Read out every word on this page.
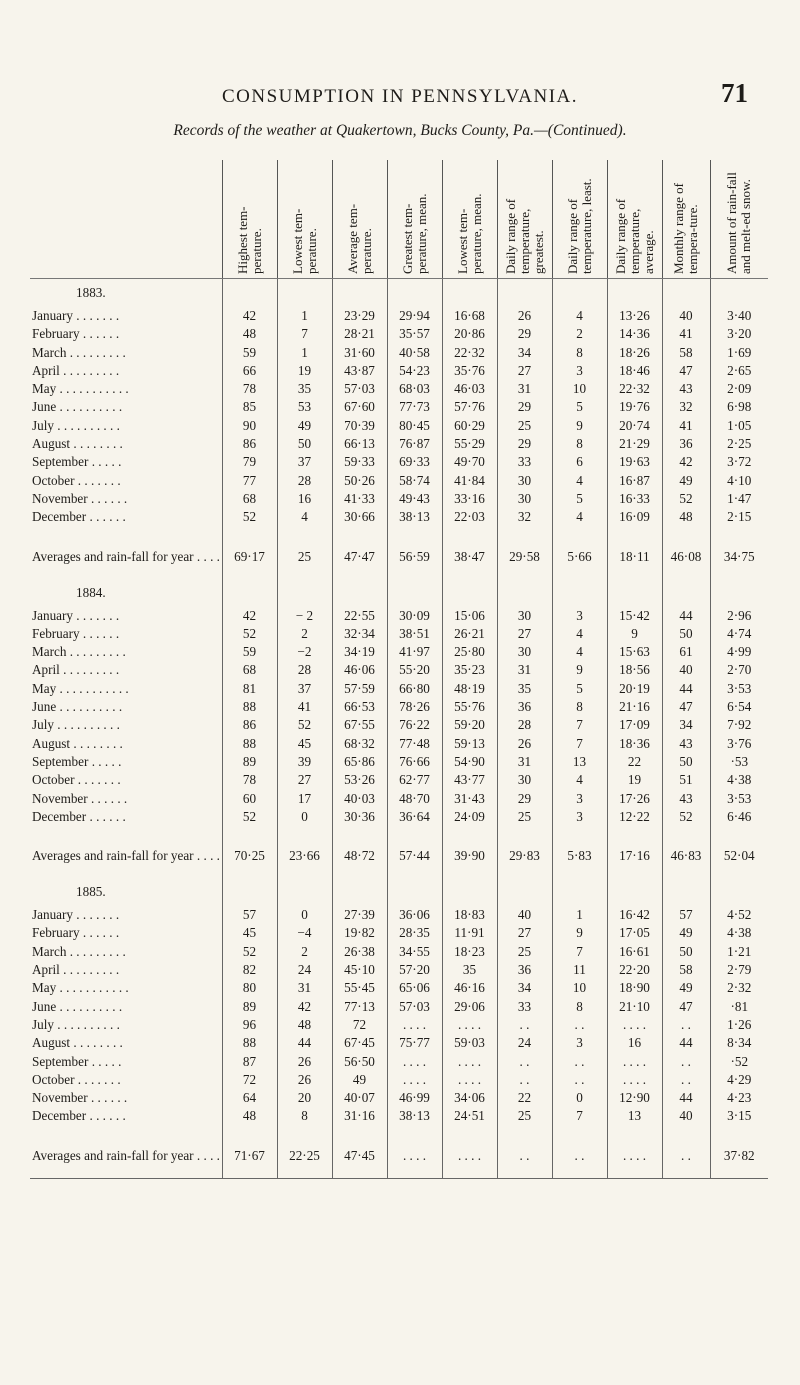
CONSUMPTION IN PENNSYLVANIA.	71
Records of the weather at Quakertown, Bucks County, Pa.—(Continued).

	Highest tem-perature.	Lowest tem-perature.	Average tem-perature.	Greatest tem-perature, mean.	Lowest tem-perature, mean.	Daily range of temperature, greatest.	Daily range of temperature, least.	Daily range of temperature, average.	Monthly range of tempera-ture.	Amount of rain-fall and melt-ed snow.

1883.										
January . . . . . . .	42	1	23·29	29·94	16·68	26	4	13·26	40	3·40
February . . . . . .	48	7	28·21	35·57	20·86	29	2	14·36	41	3·20
March . . . . . . . . .	59	1	31·60	40·58	22·32	34	8	18·26	58	1·69
April . . . . . . . . .	66	19	43·87	54·23	35·76	27	3	18·46	47	2·65
May . . . . . . . . . . .	78	35	57·03	68·03	46·03	31	10	22·32	43	2·09
June . . . . . . . . . .	85	53	67·60	77·73	57·76	29	5	19·76	32	6·98
July . . . . . . . . . .	90	49	70·39	80·45	60·29	25	9	20·74	41	1·05
August . . . . . . . .	86	50	66·13	76·87	55·29	29	8	21·29	36	2·25
September . . . . .	79	37	59·33	69·33	49·70	33	6	19·63	42	3·72
October . . . . . . .	77	28	50·26	58·74	41·84	30	4	16·87	49	4·10
November . . . . . .	68	16	41·33	49·43	33·16	30	5	16·33	52	1·47
December . . . . . .	52	4	30·66	38·13	22·03	32	4	16·09	48	2·15

Averages and rain-fall for year . . . .	69·17	25	47·47	56·59	38·47	29·58	5·66	18·11	46·08	34·75
1884.										
January . . . . . . .	42	− 2	22·55	30·09	15·06	30	3	15·42	44	2·96
February . . . . . .	52	2	32·34	38·51	26·21	27	4	9	50	4·74
March . . . . . . . . .	59	−2	34·19	41·97	25·80	30	4	15·63	61	4·99
April . . . . . . . . .	68	28	46·06	55·20	35·23	31	9	18·56	40	2·70
May . . . . . . . . . . .	81	37	57·59	66·80	48·19	35	5	20·19	44	3·53
June . . . . . . . . . .	88	41	66·53	78·26	55·76	36	8	21·16	47	6·54
July . . . . . . . . . .	86	52	67·55	76·22	59·20	28	7	17·09	34	7·92
August . . . . . . . .	88	45	68·32	77·48	59·13	26	7	18·36	43	3·76
September . . . . .	89	39	65·86	76·66	54·90	31	13	22	50	·53
October . . . . . . .	78	27	53·26	62·77	43·77	30	4	19	51	4·38
November . . . . . .	60	17	40·03	48·70	31·43	29	3	17·26	43	3·53
December . . . . . .	52	0	30·36	36·64	24·09	25	3	12·22	52	6·46

Averages and rain-fall for year . . . .	70·25	23·66	48·72	57·44	39·90	29·83	5·83	17·16	46·83	52·04
1885.										
January . . . . . . .	57	0	27·39	36·06	18·83	40	1	16·42	57	4·52
February . . . . . .	45	−4	19·82	28·35	11·91	27	9	17·05	49	4·38
March . . . . . . . . .	52	2	26·38	34·55	18·23	25	7	16·61	50	1·21
April . . . . . . . . .	82	24	45·10	57·20	35	36	11	22·20	58	2·79
May . . . . . . . . . . .	80	31	55·45	65·06	46·16	34	10	18·90	49	2·32
June . . . . . . . . . .	89	42	77·13	57·03	29·06	33	8	21·10	47	·81
July . . . . . . . . . .	96	48	72	. . . .	. . . .	. .	. .	. . . .	. .	1·26
August . . . . . . . .	88	44	67·45	75·77	59·03	24	3	16	44	8·34
September . . . . .	87	26	56·50	. . . .	. . . .	. .	. .	. . . .	. .	·52
October . . . . . . .	72	26	49	. . . .	. . . .	. .	. .	. . . .	. .	4·29
November . . . . . .	64	20	40·07	46·99	34·06	22	0	12·90	44	4·23
December . . . . . .	48	8	31·16	38·13	24·51	25	7	13	40	3·15

Averages and rain-fall for year . . . .	71·67	22·25	47·45	. . . .	. . . .	. .	. .	. . . .	. .	37·82
